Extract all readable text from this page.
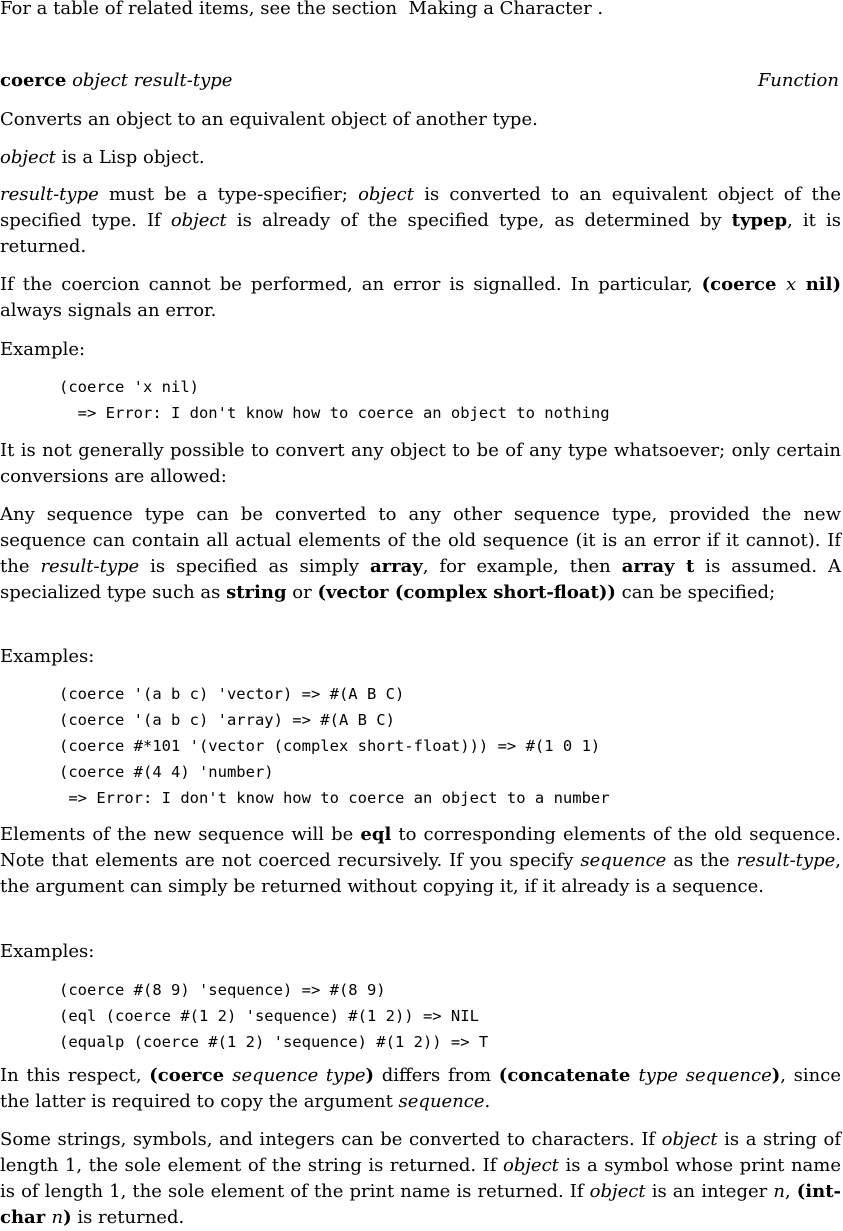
For a table of related items, see the section Making a Character .

coerce object result-type	Function

Converts an object to an equivalent object of another type.

object is a Lisp object.

result-type must be a type-specifier; object is converted to an equivalent object of the specified type. If object is already of the specified type, as determined by typep, it is returned.

If the coercion cannot be performed, an error is signalled. In particular, (coerce x nil) always signals an error.

Example:

(coerce 'x nil)
=> Error: I don't know how to coerce an object to nothing

It is not generally possible to convert any object to be of any type whatsoever; only certain conversions are allowed:

Any sequence type can be converted to any other sequence type, provided the new sequence can contain all actual elements of the old sequence (it is an error if it cannot). If the result-type is specified as simply array, for example, then array t is assumed. A specialized type such as string or (vector (complex short-float)) can be specified;

Examples:

(coerce '(a b c) 'vector) => #(A B C)
(coerce '(a b c) 'array) => #(A B C)
(coerce #*101 '(vector (complex short-float))) => #(1 0 1)
(coerce #(4 4) 'number)
=> Error: I don't know how to coerce an object to a number

Elements of the new sequence will be eql to corresponding elements of the old sequence. Note that elements are not coerced recursively. If you specify sequence as the result-type, the argument can simply be returned without copying it, if it already is a sequence.

Examples:

(coerce #(8 9) 'sequence) => #(8 9)
(eql (coerce #(1 2) 'sequence) #(1 2)) => NIL
(equalp (coerce #(1 2) 'sequence) #(1 2)) => T

In this respect, (coerce sequence type) differs from (concatenate type sequence), since the latter is required to copy the argument sequence.

Some strings, symbols, and integers can be converted to characters. If object is a string of length 1, the sole element of the string is returned. If object is a symbol whose print name is of length 1, the sole element of the print name is returned. If object is an integer n, (int-char n) is returned.
